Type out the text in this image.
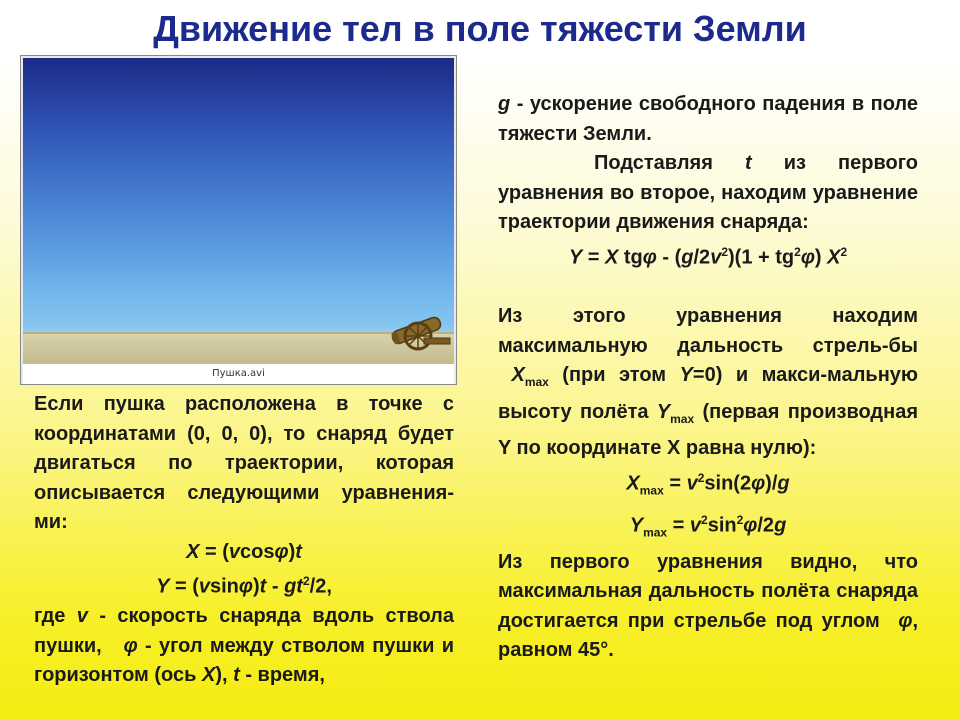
Движение тел в поле тяжести Земли
Пушка.avi

Если пушка расположена в точке с координатами (0, 0, 0), то снаряд будет двигаться по траектории, которая описывается следующими уравнения-ми:

X = (vcosφ)t

$Y = (vsin\varphi)t - gt^2/2$,

где v - скорость снаряда вдоль ствола пушки,   φ - угол между стволом пушки и горизонтом (ось X), t - время,

g - ускорение свободного падения в поле тяжести Земли.

Подставляя t из первого уравнения во второе, находим уравнение траектории движения снаряда:

Y = X $tg\varphi - (g/2v^2)(1 + tg^2\varphi)$ $X^2$

Из этого уравнения находим максимальную дальность стрель-бы  $X_{max}$ (при этом Y=0) и макси-мальную высоту полёта $Y_{max}$ (первая производная Y по координате X равна нулю):

$X_{max} = v^2\sin(2\varphi)/g$

$Y_{max} = v^2\sin^2\varphi/2g$

Из первого уравнения видно, что максимальная дальность полёта снаряда достигается при стрельбе под углом  φ, равном 45°.
